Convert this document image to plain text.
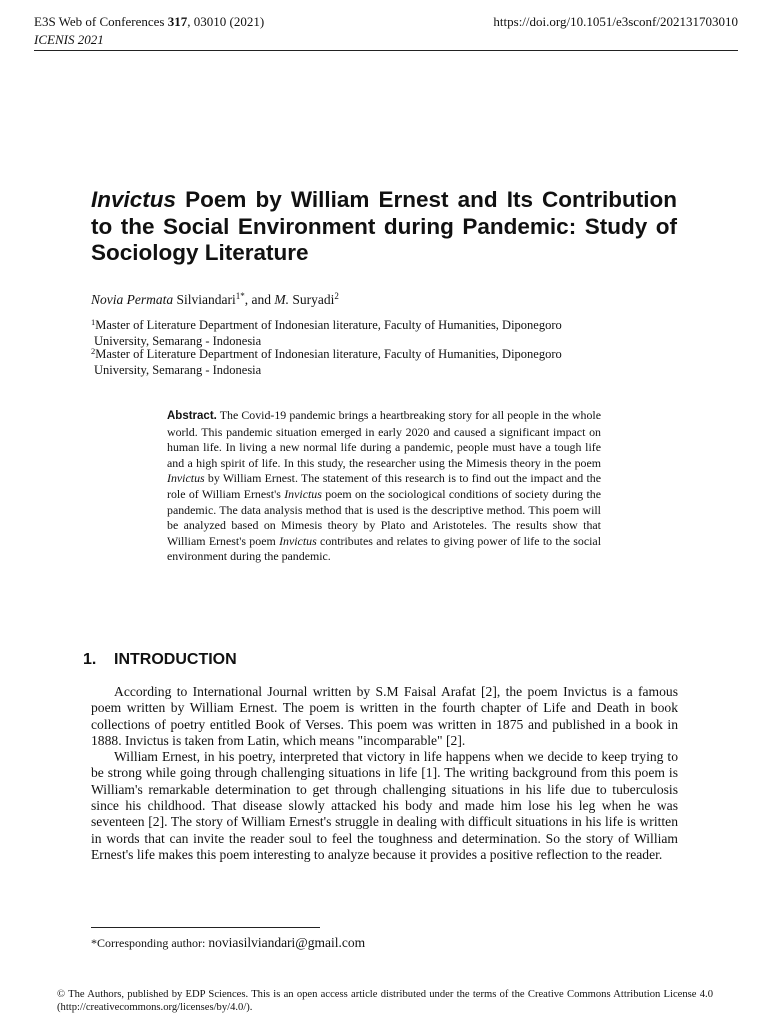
E3S Web of Conferences 317, 03010 (2021)
ICENIS 2021
https://doi.org/10.1051/e3sconf/202131703010
Invictus Poem by William Ernest and Its Contribution to the Social Environment during Pandemic: Study of Sociology Literature
Novia Permata Silviandari$^{1*}$, and M. Suryadi$^2$
$^1$Master of Literature Department of Indonesian literature, Faculty of Humanities, Diponegoro
University, Semarang - Indonesia
$^2$Master of Literature Department of Indonesian literature, Faculty of Humanities, Diponegoro
University, Semarang - Indonesia
Abstract. The Covid-19 pandemic brings a heartbreaking story for all people in the whole world. This pandemic situation emerged in early 2020 and caused a significant impact on human life. In living a new normal life during a pandemic, people must have a tough life and a high spirit of life. In this study, the researcher using the Mimesis theory in the poem Invictus by William Ernest. The statement of this research is to find out the impact and the role of William Ernest's Invictus poem on the sociological conditions of society during the pandemic. The data analysis method that is used is the descriptive method. This poem will be analyzed based on Mimesis theory by Plato and Aristoteles. The results show that William Ernest's poem Invictus contributes and relates to giving power of life to the social environment during the pandemic.
1. INTRODUCTION

According to International Journal written by S.M Faisal Arafat [2], the poem Invictus is a famous poem written by William Ernest. The poem is written in the fourth chapter of Life and Death in book collections of poetry entitled Book of Verses. This poem was written in 1875 and published in a book in 1888. Invictus is taken from Latin, which means "incomparable" [2].

William Ernest, in his poetry, interpreted that victory in life happens when we decide to keep trying to be strong while going through challenging situations in life [1]. The writing background from this poem is William's remarkable determination to get through challenging situations in his life due to tuberculosis since his childhood. That disease slowly attacked his body and made him lose his leg when he was seventeen [2]. The story of William Ernest's struggle in dealing with difficult situations in his life is written in words that can invite the reader soul to feel the toughness and determination. So the story of William Ernest's life makes this poem interesting to analyze because it provides a positive reflection to the reader.

*Corresponding author: noviasilviandari@gmail.com
© The Authors, published by EDP Sciences. This is an open access article distributed under the terms of the Creative Commons Attribution License 4.0 (http://creativecommons.org/licenses/by/4.0/).
